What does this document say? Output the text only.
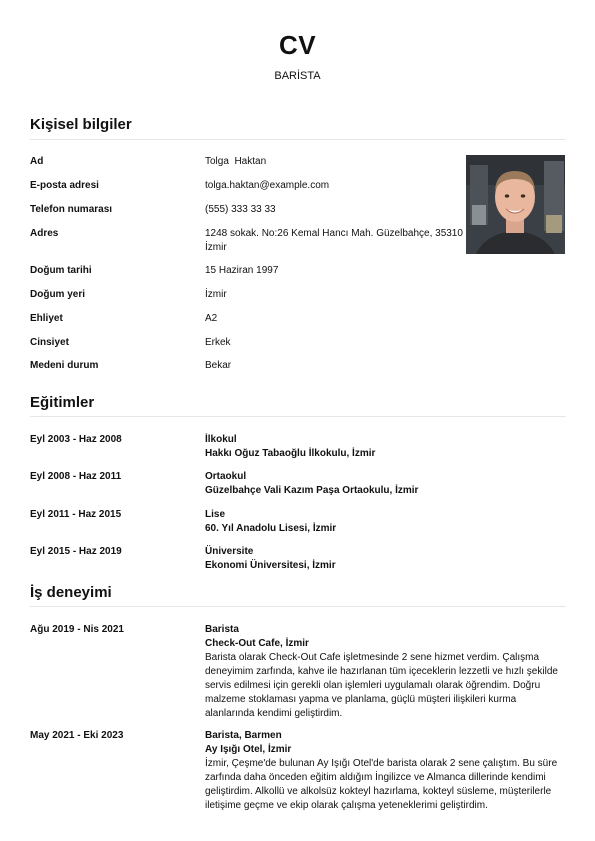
CV
BARİSTA
Kişisel bilgiler
Ad	Tolga  Haktan
E-posta adresi	tolga.haktan@example.com
Telefon numarası	(555) 333 33 33
Adres	1248 sokak. No:26 Kemal Hancı Mah. Güzelbahçe, 35310 İzmir
Doğum tarihi	15 Haziran 1997
Doğum yeri	İzmir
Ehliyet	A2
Cinsiyet	Erkek
Medeni durum	Bekar
Eğitimler
Eyl 2003 - Haz 2008	İlkokul
Hakkı Oğuz Tabaoğlu İlkokulu, İzmir
Eyl 2008 - Haz 2011	Ortaokul
Güzelbahçe Vali Kazım Paşa Ortaokulu, İzmir
Eyl 2011 - Haz 2015	Lise
60. Yıl Anadolu Lisesi, İzmir
Eyl 2015 - Haz 2019	Üniversite
Ekonomi Üniversitesi, İzmir
İş deneyimi
Ağu 2019 - Nis 2021	Barista
Check-Out Cafe, İzmir
Barista olarak Check-Out Cafe işletmesinde 2 sene hizmet verdim. Çalışma deneyimim zarfında, kahve ile hazırlanan tüm içeceklerin lezzetli ve hızlı şekilde servis edilmesi için gerekli olan işlemleri uygulamalı olarak öğrendim. Doğru malzeme stoklaması yapma ve planlama, güçlü müşteri ilişkileri kurma alanlarında kendimi geliştirdim.
May 2021 - Eki 2023	Barista, Barmen
Ay Işığı Otel, İzmir
İzmir, Çeşme'de bulunan Ay Işığı Otel'de barista olarak 2 sene çalıştım. Bu süre zarfında daha önceden eğitim aldığım İngilizce ve Almanca dillerinde kendimi geliştirdim. Alkollü ve alkolsüz kokteyl hazırlama, kokteyl süsleme, müşterilerle iletişime geçme ve ekip olarak çalışma yeteneklerimi geliştirdim.
